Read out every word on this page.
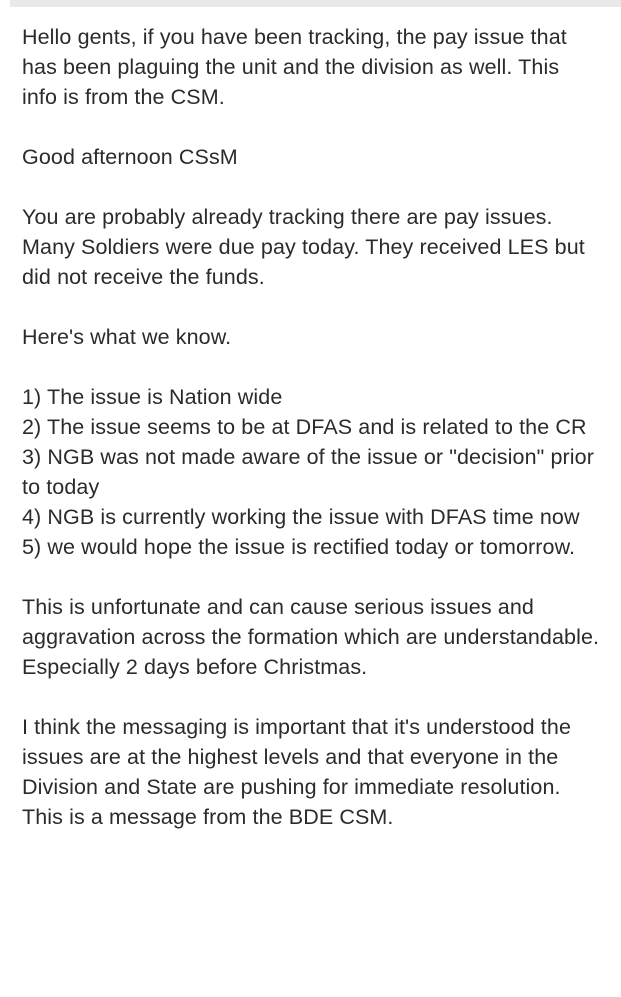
Hello gents, if you have been tracking, the pay issue that has been plaguing the unit and the division as well. This info is from the CSM.

Good afternoon CSsM

You are probably already tracking there are pay issues. Many Soldiers were due pay today. They received LES but did not receive the funds.

Here's what we know.

1) The issue is Nation wide

2) The issue seems to be at DFAS and is related to the CR

3) NGB was not made aware of the issue or "decision" prior to today

4) NGB is currently working the issue with DFAS time now

5) we would hope the issue is rectified today or tomorrow.

This is unfortunate and can cause serious issues and aggravation across the formation which are understandable. Especially 2 days before Christmas.

I think the messaging is important that it's understood the issues are at the highest levels and that everyone in the Division and State are pushing for immediate resolution.

This is a message from the BDE CSM.
